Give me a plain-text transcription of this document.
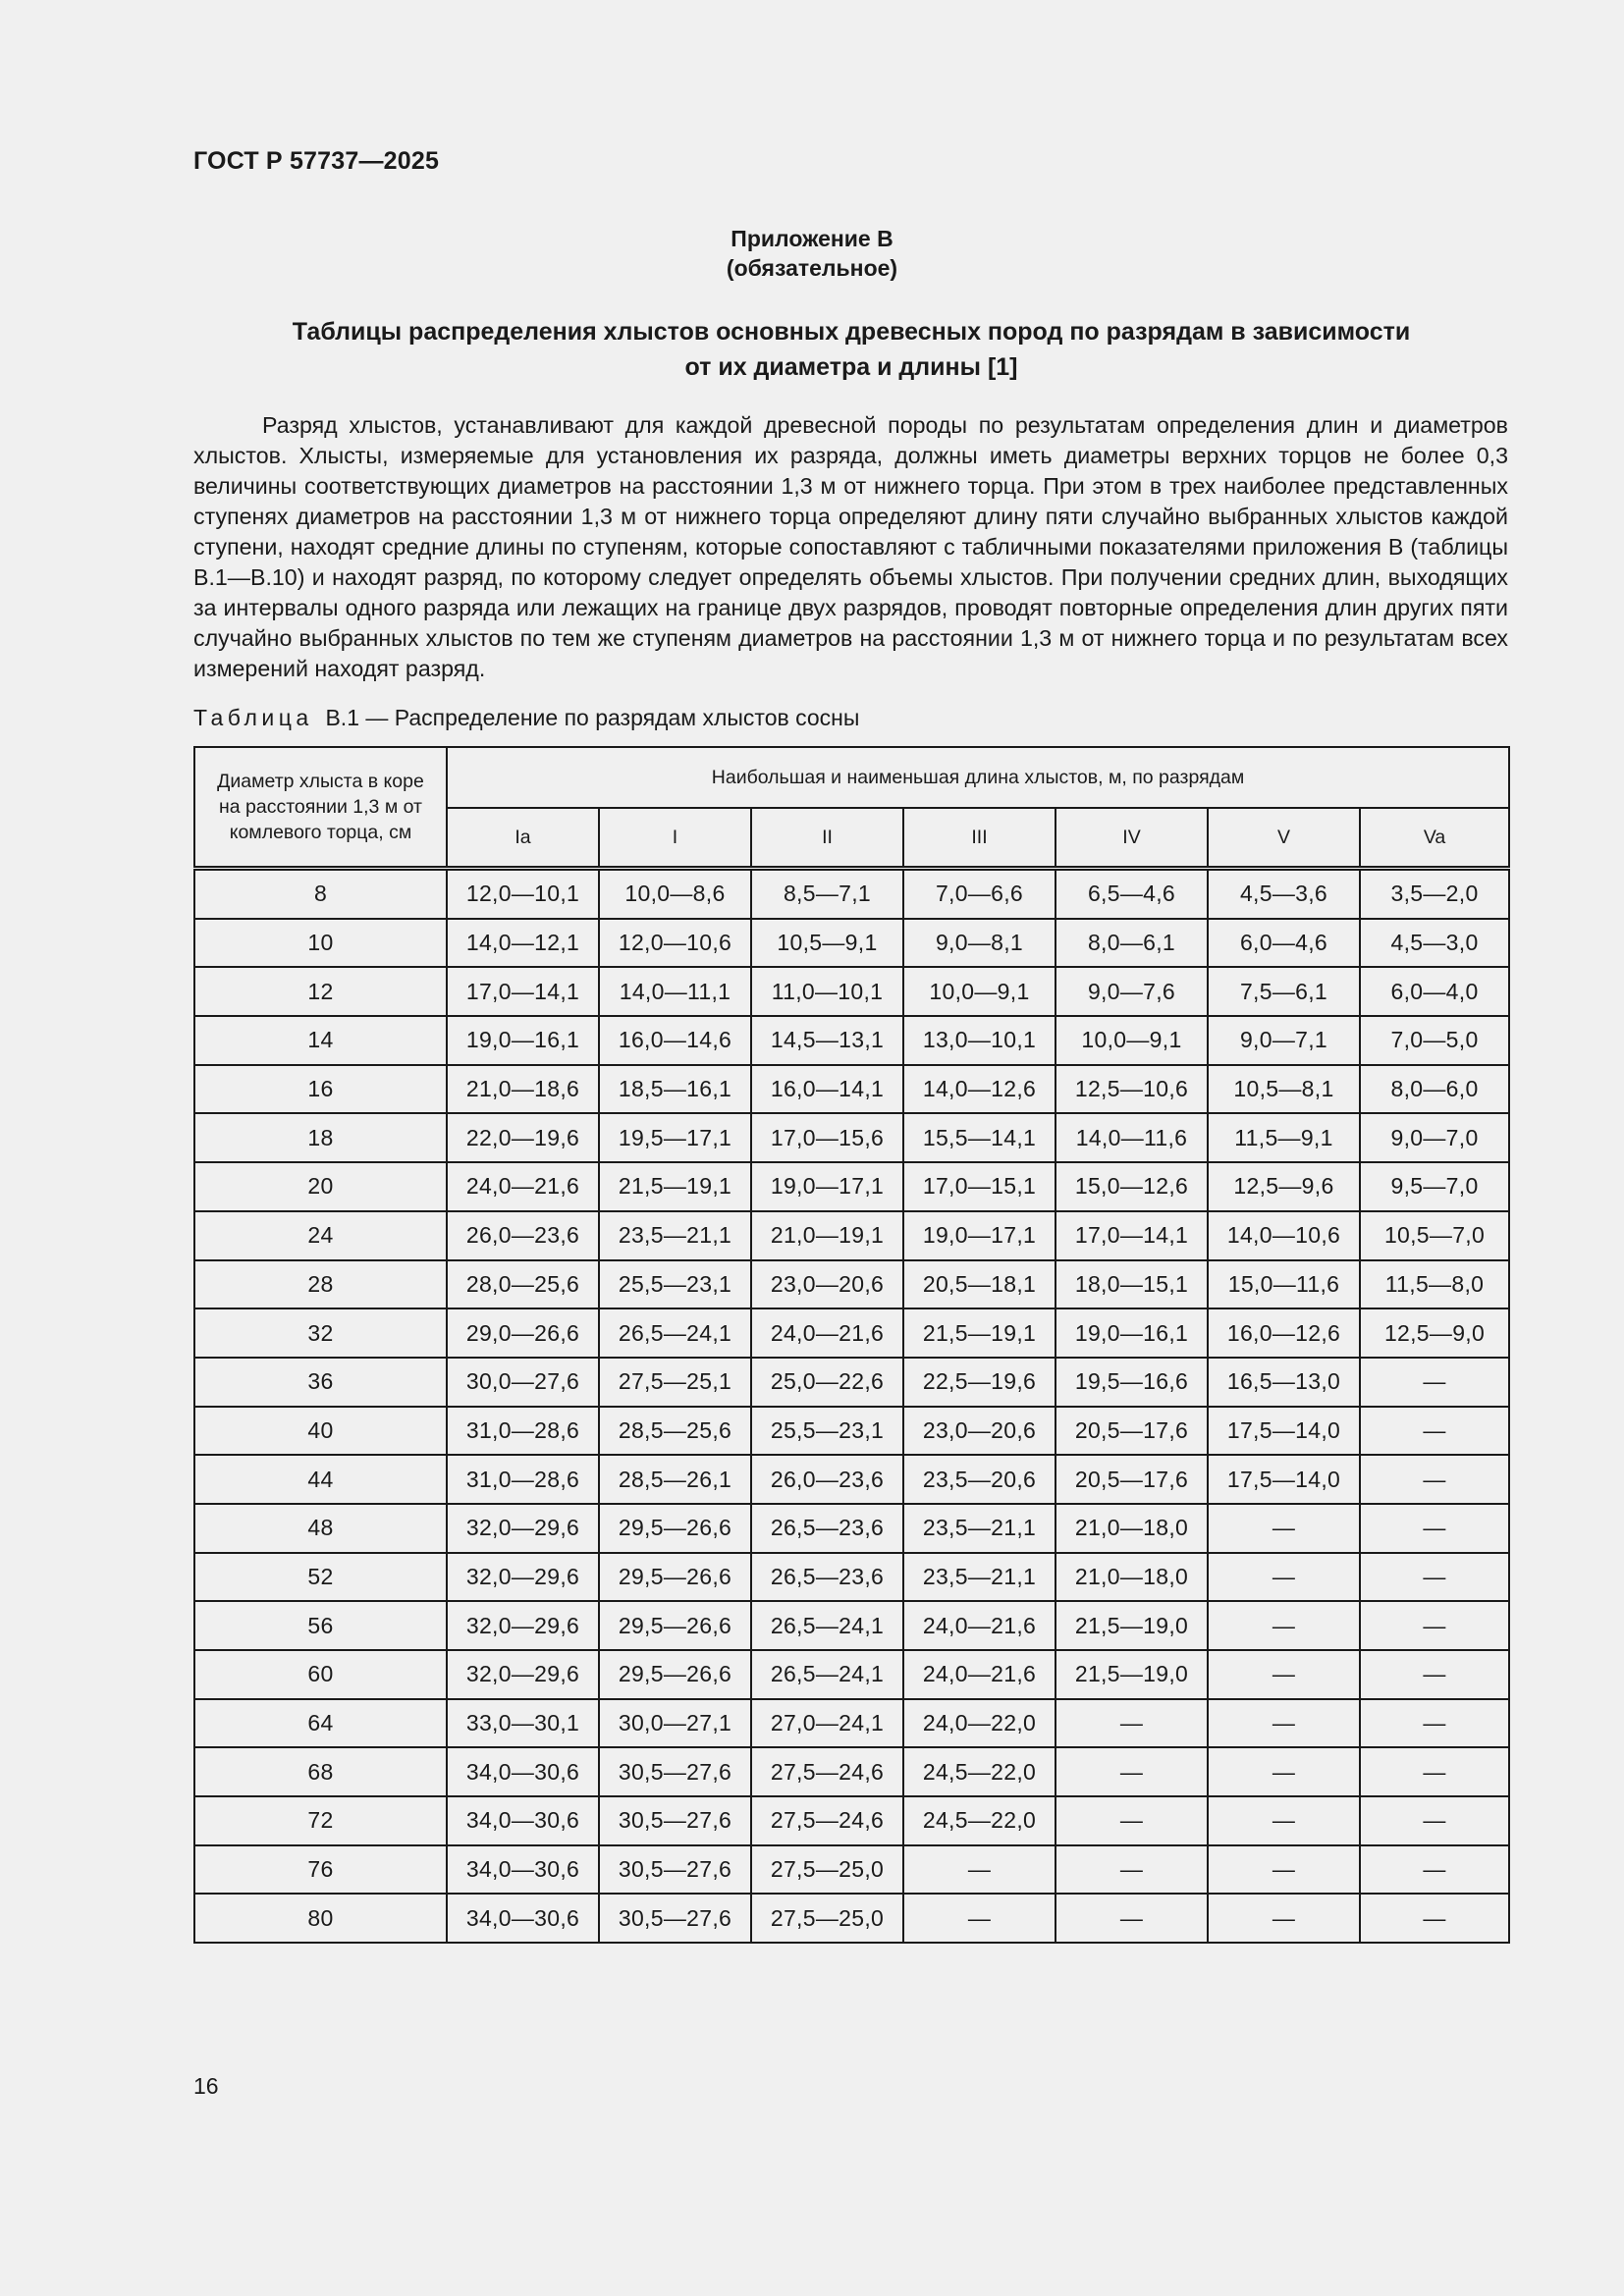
ГОСТ Р 57737—2025
Приложение В
(обязательное)
Таблицы распределения хлыстов основных древесных пород по разрядам в зависимости
от их диаметра и длины [1]

Разряд хлыстов, устанавливают для каждой древесной породы по результатам определения длин и диаметров хлыстов. Хлысты, измеряемые для установления их разряда, должны иметь диаметры верхних торцов не более 0,3 величины соответствующих диаметров на расстоянии 1,3 м от нижнего торца. При этом в трех наиболее представленных ступенях диаметров на расстоянии 1,3 м от нижнего торца определяют длину пяти случайно выбранных хлыстов каждой ступени, находят средние длины по ступеням, которые сопоставляют с табличными показателями приложения В (таблицы В.1—В.10) и находят разряд, по которому следует определять объемы хлыстов. При получении средних длин, выходящих за интервалы одного разряда или лежащих на границе двух разрядов, проводят повторные определения длин других пяти случайно выбранных хлыстов по тем же ступеням диаметров на расстоянии 1,3 м от нижнего торца и по результатам всех измерений находят разряд.

Таблица В.1 — Распределение по разрядам хлыстов сосны
Диаметр хлыста в коре на расстоянии 1,3 м от комлевого торца, см	Наибольшая и наименьшая длина хлыстов, м, по разрядам						
	Ia	I	II	III	IV	V	Va
8	12,0—10,1	10,0—8,6	8,5—7,1	7,0—6,6	6,5—4,6	4,5—3,6	3,5—2,0
10	14,0—12,1	12,0—10,6	10,5—9,1	9,0—8,1	8,0—6,1	6,0—4,6	4,5—3,0
12	17,0—14,1	14,0—11,1	11,0—10,1	10,0—9,1	9,0—7,6	7,5—6,1	6,0—4,0
14	19,0—16,1	16,0—14,6	14,5—13,1	13,0—10,1	10,0—9,1	9,0—7,1	7,0—5,0
16	21,0—18,6	18,5—16,1	16,0—14,1	14,0—12,6	12,5—10,6	10,5—8,1	8,0—6,0
18	22,0—19,6	19,5—17,1	17,0—15,6	15,5—14,1	14,0—11,6	11,5—9,1	9,0—7,0
20	24,0—21,6	21,5—19,1	19,0—17,1	17,0—15,1	15,0—12,6	12,5—9,6	9,5—7,0
24	26,0—23,6	23,5—21,1	21,0—19,1	19,0—17,1	17,0—14,1	14,0—10,6	10,5—7,0
28	28,0—25,6	25,5—23,1	23,0—20,6	20,5—18,1	18,0—15,1	15,0—11,6	11,5—8,0
32	29,0—26,6	26,5—24,1	24,0—21,6	21,5—19,1	19,0—16,1	16,0—12,6	12,5—9,0
36	30,0—27,6	27,5—25,1	25,0—22,6	22,5—19,6	19,5—16,6	16,5—13,0	—
40	31,0—28,6	28,5—25,6	25,5—23,1	23,0—20,6	20,5—17,6	17,5—14,0	—
44	31,0—28,6	28,5—26,1	26,0—23,6	23,5—20,6	20,5—17,6	17,5—14,0	—
48	32,0—29,6	29,5—26,6	26,5—23,6	23,5—21,1	21,0—18,0	—	—
52	32,0—29,6	29,5—26,6	26,5—23,6	23,5—21,1	21,0—18,0	—	—
56	32,0—29,6	29,5—26,6	26,5—24,1	24,0—21,6	21,5—19,0	—	—
60	32,0—29,6	29,5—26,6	26,5—24,1	24,0—21,6	21,5—19,0	—	—
64	33,0—30,1	30,0—27,1	27,0—24,1	24,0—22,0	—	—	—
68	34,0—30,6	30,5—27,6	27,5—24,6	24,5—22,0	—	—	—
72	34,0—30,6	30,5—27,6	27,5—24,6	24,5—22,0	—	—	—
76	34,0—30,6	30,5—27,6	27,5—25,0	—	—	—	—
80	34,0—30,6	30,5—27,6	27,5—25,0	—	—	—	—
16
